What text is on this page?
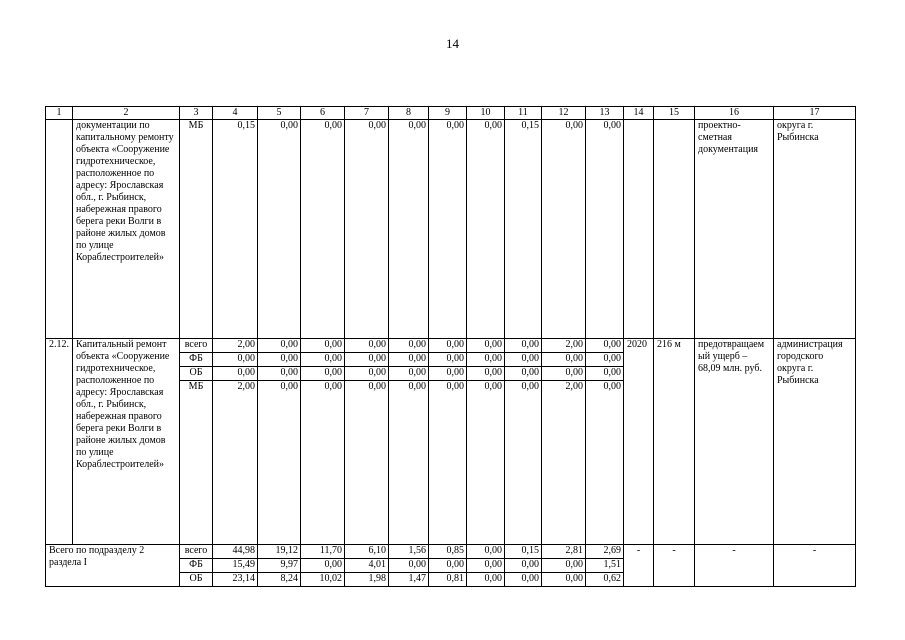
14
1	2	3	4	5	6	7	8	9	10	11	12	13	14	15	16	17
	документации по капитальному ремонту объекта «Сооружение гидротехническое, расположенное по адресу: Ярославская обл., г. Рыбинск, набережная правого берега реки Волги в районе жилых домов по улице Кораблестроителей»	МБ	0,15	0,00	0,00	0,00	0,00	0,00	0,00	0,15	0,00	0,00			проектно-сметная документация	округа г. Рыбинска
2.12.	Капитальный ремонт объекта «Сооружение гидротехническое, расположенное по адресу: Ярославская обл., г. Рыбинск, набережная правого берега реки Волги в районе жилых домов по улице Кораблестроителей»	всего	2,00	0,00	0,00	0,00	0,00	0,00	0,00	0,00	2,00	0,00	2020	216 м	предотвращаемый ущерб – 68,09 млн. руб.	администрация городского округа г. Рыбинска
		ФБ	0,00	0,00	0,00	0,00	0,00	0,00	0,00	0,00	0,00	0,00				
		ОБ	0,00	0,00	0,00	0,00	0,00	0,00	0,00	0,00	0,00	0,00				
		МБ	2,00	0,00	0,00	0,00	0,00	0,00	0,00	0,00	2,00	0,00				
Всего по подразделу 2 раздела I		всего	44,98	19,12	11,70	6,10	1,56	0,85	0,00	0,15	2,81	2,69	-	-	-	-
		ФБ	15,49	9,97	0,00	4,01	0,00	0,00	0,00	0,00	0,00	1,51				
		ОБ	23,14	8,24	10,02	1,98	1,47	0,81	0,00	0,00	0,00	0,62				
